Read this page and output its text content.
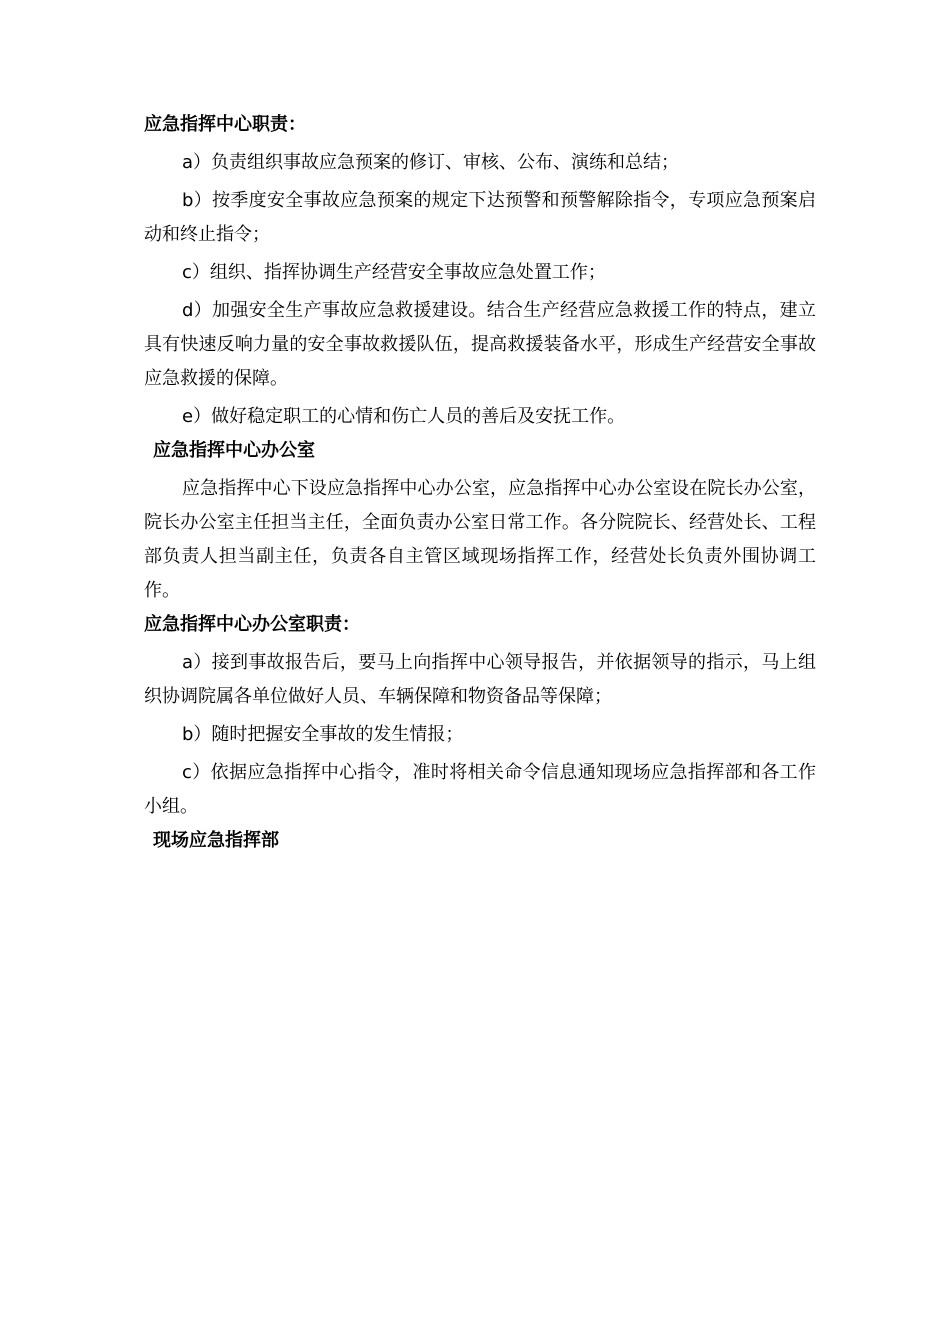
应急指挥中心职责：

a）负责组织事故应急预案的修订、审核、公布、演练和总结；

b）按季度安全事故应急预案的规定下达预警和预警解除指令，专项应急预案启动和终止指令；

c）组织、指挥协调生产经营安全事故应急处置工作；

d）加强安全生产事故应急救援建设。结合生产经营应急救援工作的特点，建立具有快速反响力量的安全事故救援队伍，提高救援装备水平，形成生产经营安全事故应急救援的保障。

e）做好稳定职工的心情和伤亡人员的善后及安抚工作。

应急指挥中心办公室

应急指挥中心下设应急指挥中心办公室，应急指挥中心办公室设在院长办公室，院长办公室主任担当主任，全面负责办公室日常工作。各分院院长、经营处长、工程部负责人担当副主任，负责各自主管区域现场指挥工作，经营处长负责外围协调工作。

应急指挥中心办公室职责：

a）接到事故报告后，要马上向指挥中心领导报告，并依据领导的指示，马上组织协调院属各单位做好人员、车辆保障和物资备品等保障；

b）随时把握安全事故的发生情报；

c）依据应急指挥中心指令，准时将相关命令信息通知现场应急指挥部和各工作小组。

现场应急指挥部
